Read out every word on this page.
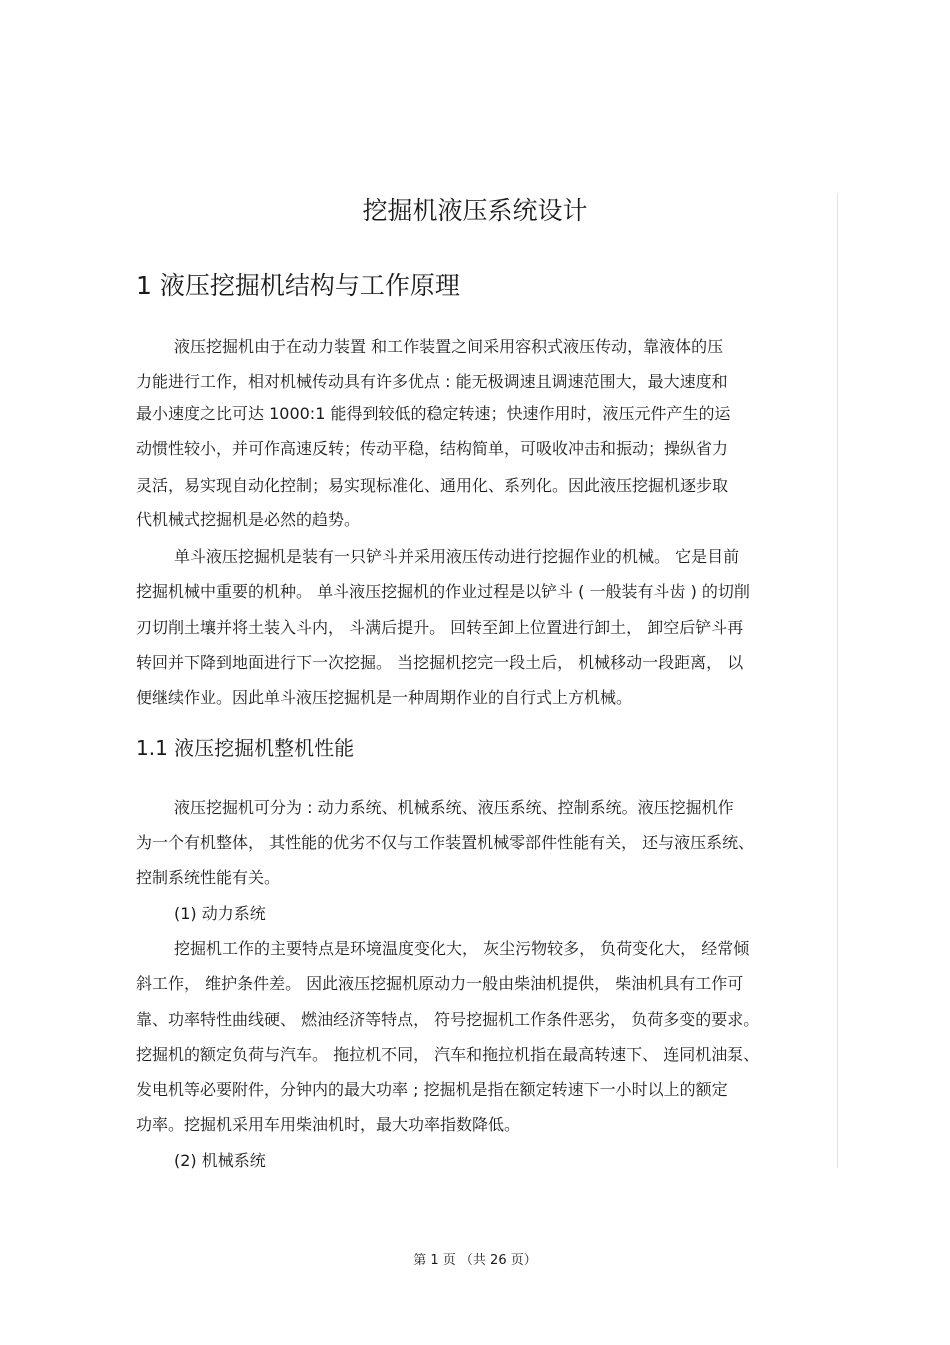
挖掘机液压系统设计
1 液压挖掘机结构与工作原理
液压挖掘机由于在动力装置 和工作装置之间采用容积式液压传动，靠液体的压
力能进行工作，相对机械传动具有许多优点 : 能无极调速且调速范围大，最大速度和
最小速度之比可达 1000:1 能得到较低的稳定转速；快速作用时，液压元件产生的运
动惯性较小，并可作高速反转；传动平稳，结构简单，可吸收冲击和振动；操纵省力
灵活，易实现自动化控制；易实现标准化、通用化、系列化。因此液压挖掘机逐步取
代机械式挖掘机是必然的趋势。
单斗液压挖掘机是装有一只铲斗并采用液压传动进行挖掘作业的机械。 它是目前
挖掘机械中重要的机种。 单斗液压挖掘机的作业过程是以铲斗 ( 一般装有斗齿 ) 的切削
刃切削土壤并将土装入斗内， 斗满后提升。 回转至卸上位置进行卸土， 卸空后铲斗再
转回并下降到地面进行下一次挖掘。 当挖掘机挖完一段土后， 机械移动一段距离， 以
便继续作业。因此单斗液压挖掘机是一种周期作业的自行式上方机械。
1.1 液压挖掘机整机性能
液压挖掘机可分为 : 动力系统、机械系统、液压系统、控制系统。液压挖掘机作
为一个有机整体， 其性能的优劣不仅与工作装置机械零部件性能有关， 还与液压系统、
控制系统性能有关。
(1) 动力系统
挖掘机工作的主要特点是环境温度变化大， 灰尘污物较多， 负荷变化大， 经常倾
斜工作， 维护条件差。 因此液压挖掘机原动力一般由柴油机提供， 柴油机具有工作可
靠、功率特性曲线硬、 燃油经济等特点， 符号挖掘机工作条件恶劣， 负荷多变的要求。
挖掘机的额定负荷与汽车。 拖拉机不同， 汽车和拖拉机指在最高转速下、 连同机油泵、
发电机等必要附件，分钟内的最大功率 ; 挖掘机是指在额定转速下一小时以上的额定
功率。挖掘机采用车用柴油机时，最大功率指数降低。
(2) 机械系统
第 1 页 （共 26 页）
